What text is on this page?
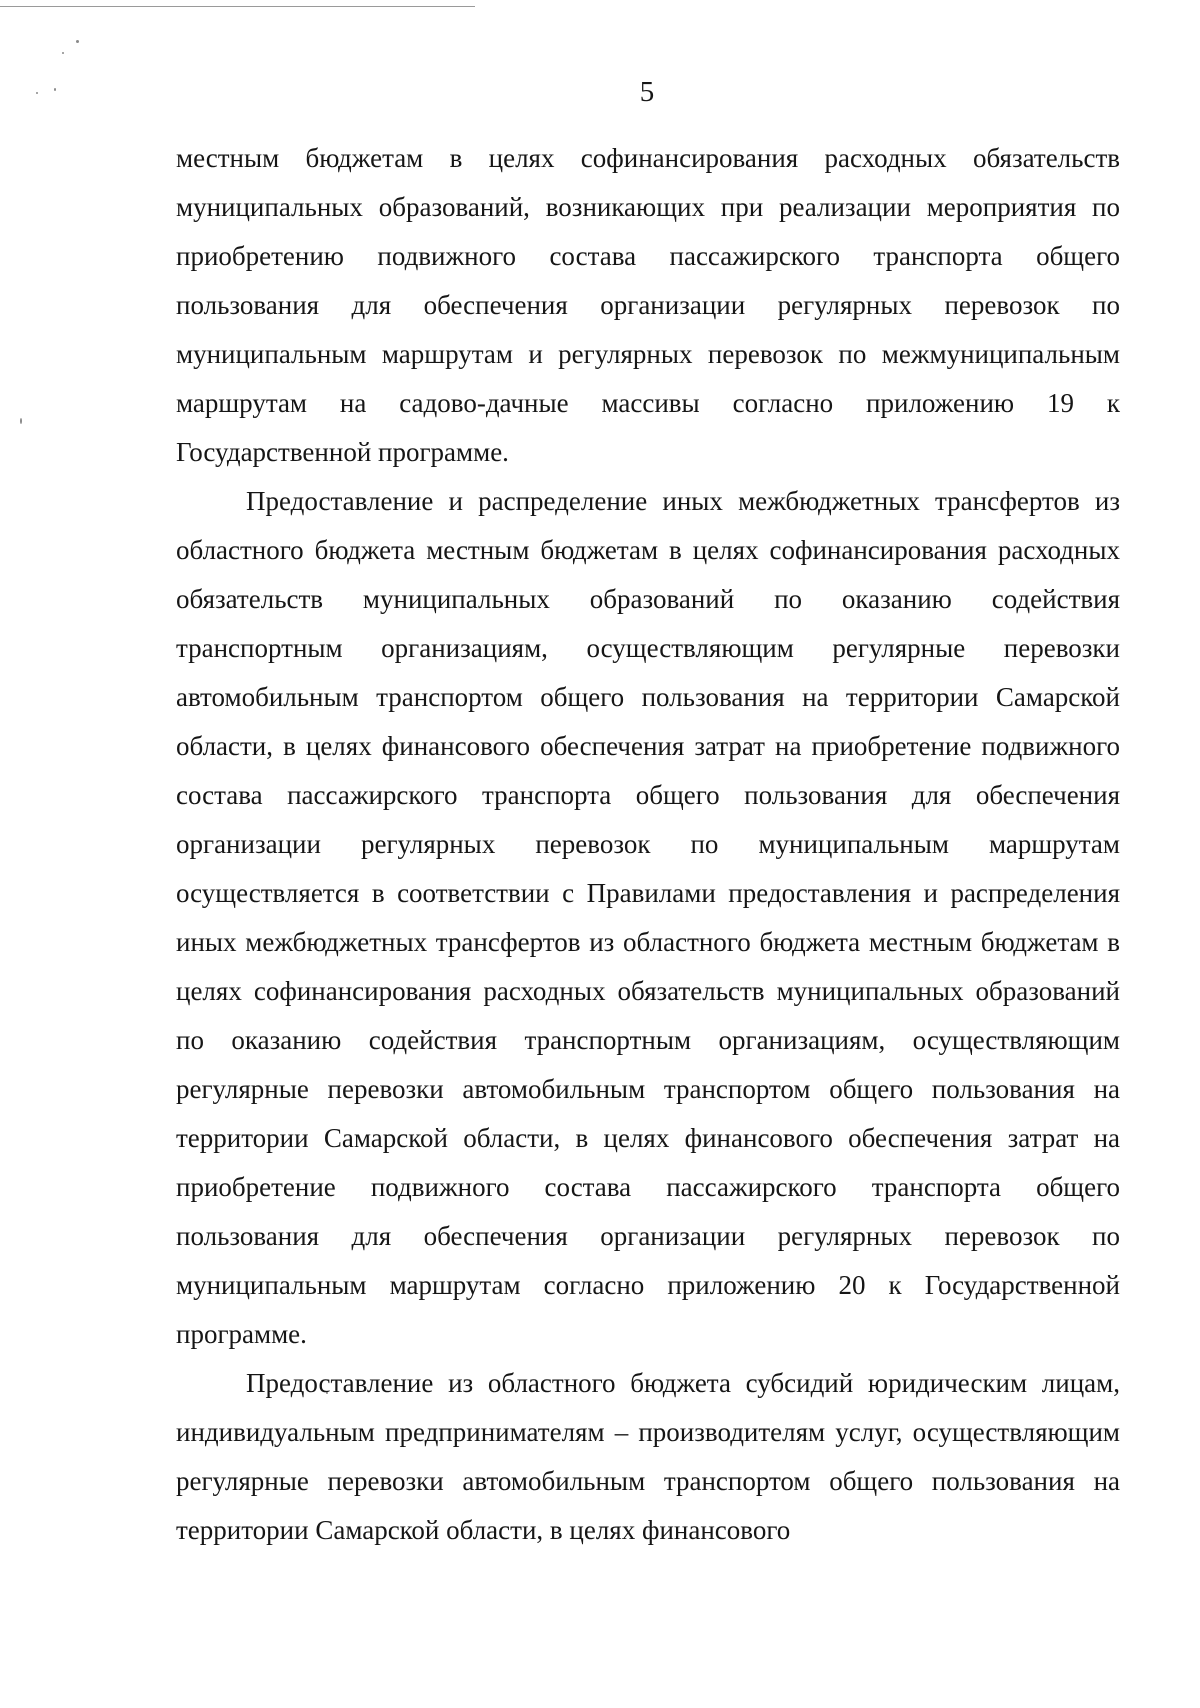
5

местным бюджетам в целях софинансирования расходных обязательств муниципальных образований, возникающих при реализации мероприятия по приобретению подвижного состава пассажирского транспорта общего пользования для обеспечения организации регулярных перевозок по муниципальным маршрутам и регулярных перевозок по межмуниципальным маршрутам на садово-дачные массивы согласно приложению 19 к Государственной программе.

Предоставление и распределение иных межбюджетных трансфертов из областного бюджета местным бюджетам в целях софинансирования расходных обязательств муниципальных образований по оказанию содействия транспортным организациям, осуществляющим регулярные перевозки автомобильным транспортом общего пользования на территории Самарской области, в целях финансового обеспечения затрат на приобретение подвижного состава пассажирского транспорта общего пользования для обеспечения организации регулярных перевозок по муниципальным маршрутам осуществляется в соответствии с Правилами предоставления и распределения иных межбюджетных трансфертов из областного бюджета местным бюджетам в целях софинансирования расходных обязательств муниципальных образований по оказанию содействия транспортным организациям, осуществляющим регулярные перевозки автомобильным транспортом общего пользования на территории Самарской области, в целях финансового обеспечения затрат на приобретение подвижного состава пассажирского транспорта общего пользования для обеспечения организации регулярных перевозок по муниципальным маршрутам согласно приложению 20 к Государственной программе.

Предоставление из областного бюджета субсидий юридическим лицам, индивидуальным предпринимателям – производителям услуг, осуществляющим регулярные перевозки автомобильным транспортом общего пользования на территории Самарской области, в целях финансового
